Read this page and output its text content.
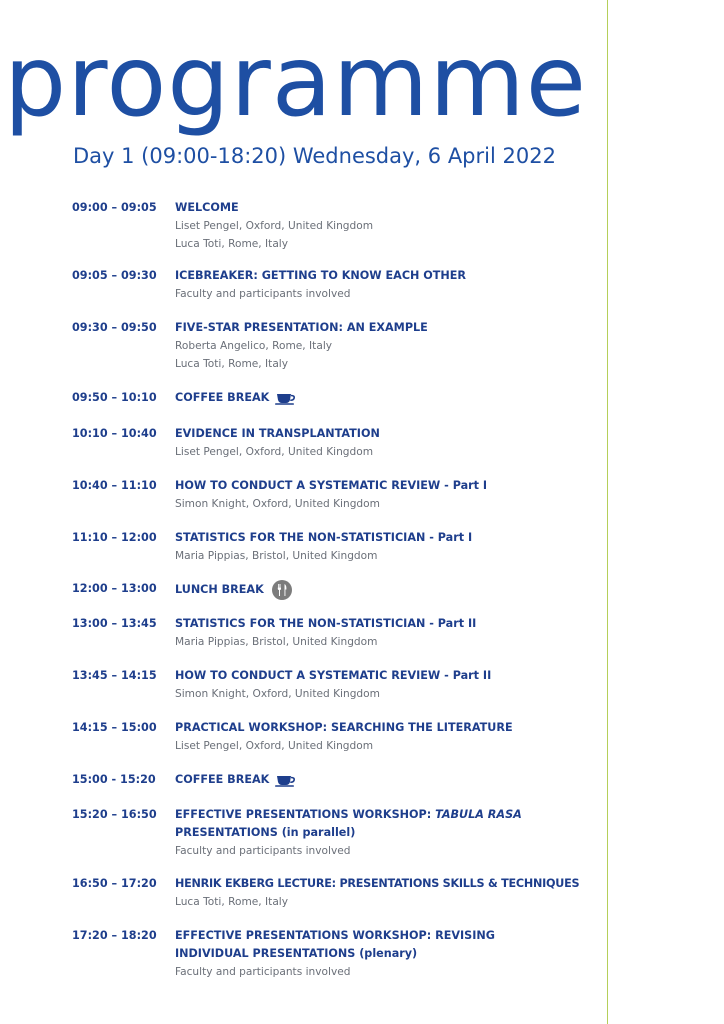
programme
Day 1 (09:00-18:20) Wednesday, 6 April 2022
09:00 – 09:05	WELCOME
Liset Pengel, Oxford, United Kingdom
Luca Toti, Rome, Italy
09:05 – 09:30	ICEBREAKER: GETTING TO KNOW EACH OTHER
Faculty and participants involved
09:30 – 09:50	FIVE-STAR PRESENTATION: AN EXAMPLE
Roberta Angelico, Rome, Italy
Luca Toti, Rome, Italy
09:50 – 10:10	COFFEE BREAK
10:10 – 10:40	EVIDENCE IN TRANSPLANTATION
Liset Pengel, Oxford, United Kingdom
10:40 – 11:10	HOW TO CONDUCT A SYSTEMATIC REVIEW - Part I
Simon Knight, Oxford, United Kingdom
11:10 – 12:00	STATISTICS FOR THE NON-STATISTICIAN - Part I
Maria Pippias, Bristol, United Kingdom
12:00 – 13:00	LUNCH BREAK
13:00 – 13:45	STATISTICS FOR THE NON-STATISTICIAN - Part II
Maria Pippias, Bristol, United Kingdom
13:45 – 14:15	HOW TO CONDUCT A SYSTEMATIC REVIEW - Part II
Simon Knight, Oxford, United Kingdom
14:15 – 15:00	PRACTICAL WORKSHOP: SEARCHING THE LITERATURE
Liset Pengel, Oxford, United Kingdom
15:00 - 15:20	COFFEE BREAK
15:20 – 16:50	EFFECTIVE PRESENTATIONS WORKSHOP: TABULA RASA PRESENTATIONS (in parallel)
Faculty and participants involved
16:50 – 17:20	HENRIK EKBERG LECTURE: PRESENTATIONS SKILLS & TECHNIQUES
Luca Toti, Rome, Italy
17:20 – 18:20	EFFECTIVE PRESENTATIONS WORKSHOP: REVISING INDIVIDUAL PRESENTATIONS (plenary)
Faculty and participants involved
